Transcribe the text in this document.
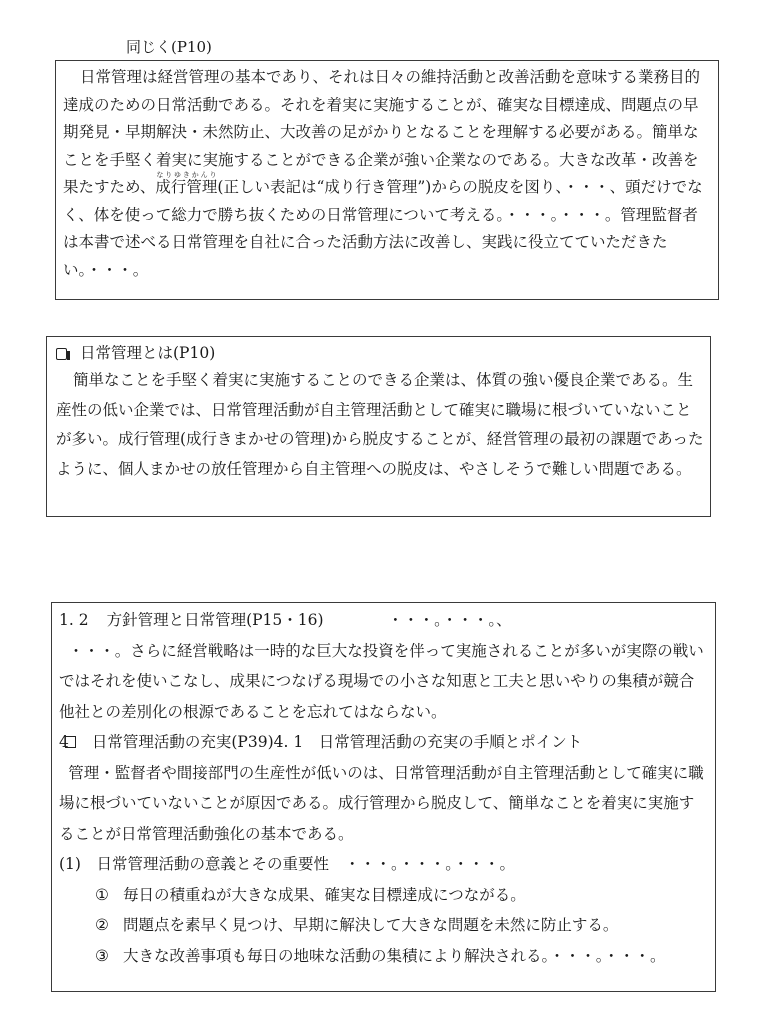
同じく(P10)

日常管理は経営管理の基本であり、それは日々の維持活動と改善活動を意味する業務目的達成のための日常活動である。それを着実に実施することが、確実な目標達成、問題点の早期発見・早期解決・未然防止、大改善の足がかりとなることを理解する必要がある。簡単なことを手堅く着実に実施することができる企業が強い企業なのである。大きな改革・改善を果たすため、成行管理なりゆきかんり(正しい表記は“成り行き管理”)からの脱皮を図り、・・・、頭だけでなく、体を使って総力で勝ち抜くための日常管理について考える。・・・。・・・。管理監督者は本書で述べる日常管理を自社に合った活動方法に改善し、実践に役立てていただきたい。・・・。

日常管理とは(P10)

簡単なことを手堅く着実に実施することのできる企業は、体質の強い優良企業である。生産性の低い企業では、日常管理活動が自主管理活動として確実に職場に根づいていないことが多い。成行管理(成行きまかせの管理)から脱皮することが、経営管理の最初の課題であったように、個人まかせの放任管理から自主管理への脱皮は、やさしそうで難しい問題である。

1. 2 方針管理と日常管理(P15・16)	・・・。・・・。、

・・・。さらに経営戦略は一時的な巨大な投資を伴って実施されることが多いが実際の戦いではそれを使いこなし、成果につなげる現場での小さな知恵と工夫と思いやりの集積が競合他社との差別化の根源であることを忘れてはならない。

4 日常管理活動の充実(P39)4. 1　日常管理活動の充実の手順とポイント

管理・監督者や間接部門の生産性が低いのは、日常管理活動が自主管理活動として確実に職場に根づいていないことが原因である。成行管理から脱皮して、簡単なことを着実に実施することが日常管理活動強化の基本である。

(1)　日常管理活動の意義とその重要性　・・・。・・・。・・・。

① 毎日の積重ねが大きな成果、確実な目標達成につながる。
② 問題点を素早く見つけ、早期に解決して大きな問題を未然に防止する。
③ 大きな改善事項も毎日の地味な活動の集積により解決される。・・・。・・・。
